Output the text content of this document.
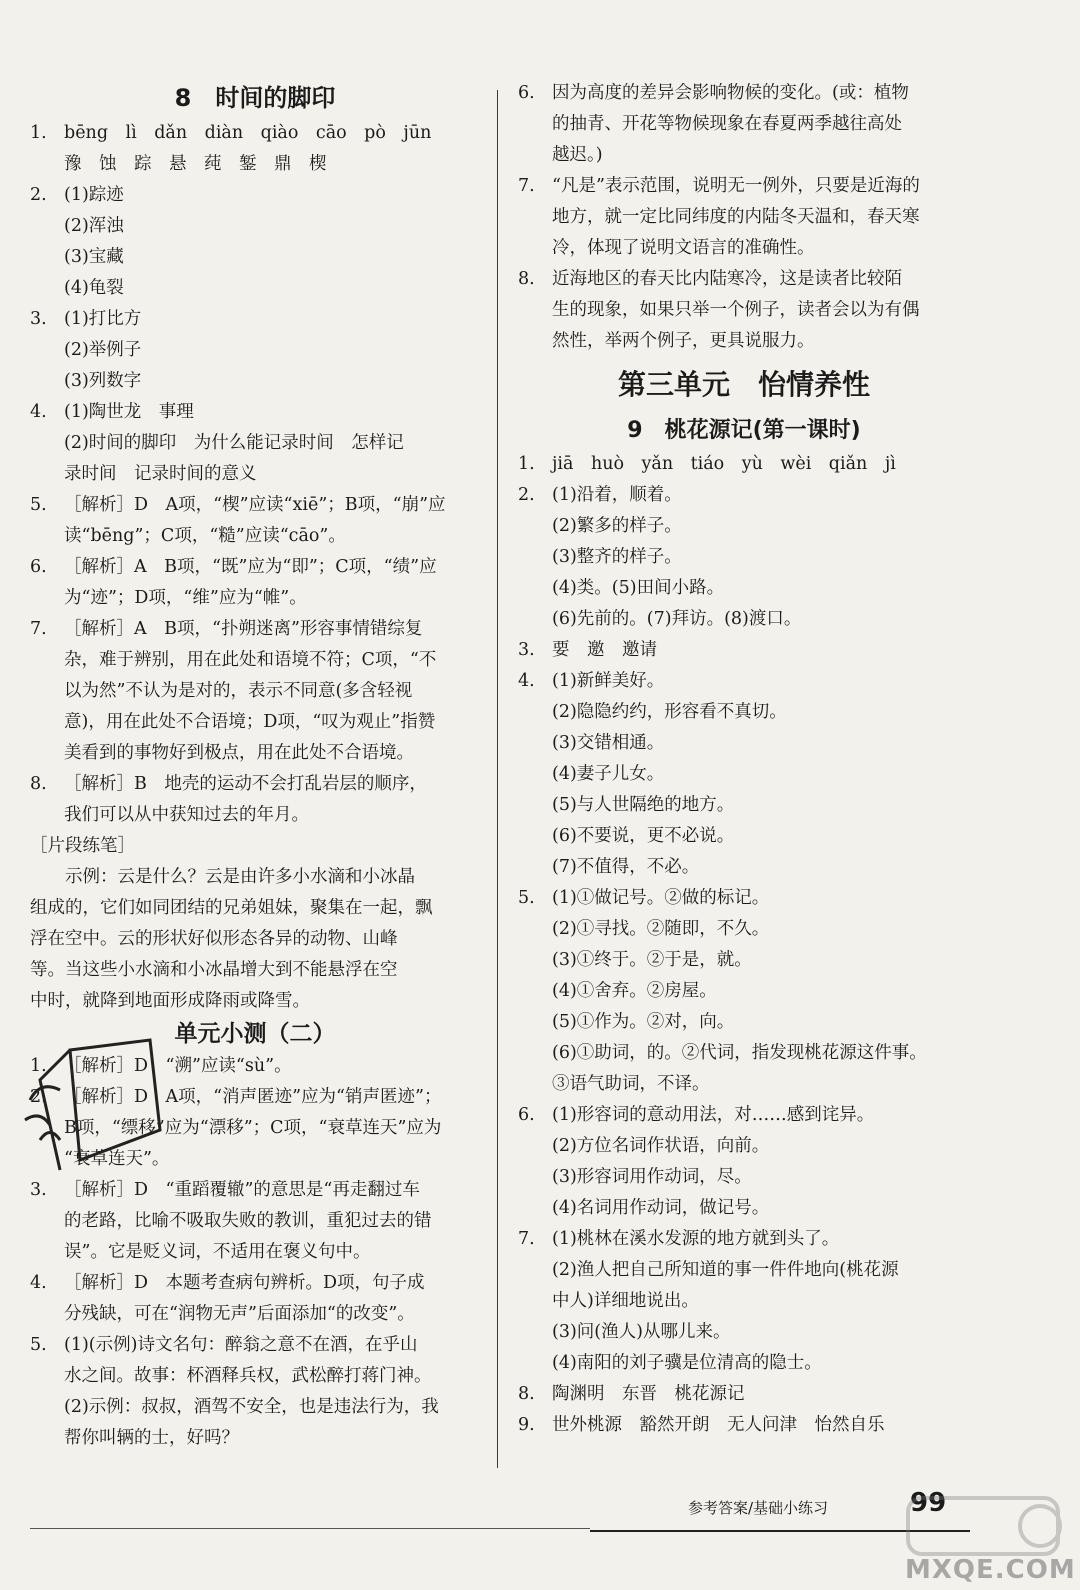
8　时间的脚印
1. bēng　lì　dǎn　diàn　qiào　cāo　pò　jūn
豫　蚀　踪　悬　莼　錾　鼎　楔
2. (1)踪迹
(2)浑浊
(3)宝藏
(4)龟裂
3. (1)打比方
(2)举例子
(3)列数字
4. (1)陶世龙　事理
(2)时间的脚印　为什么能记录时间　怎样记
录时间　记录时间的意义
5. ［解析］D　A项，“楔”应读“xiē”；B项，“崩”应
读“bēng”；C项，“糙”应读“cāo”。
6. ［解析］A　B项，“既”应为“即”；C项，“绩”应
为“迹”；D项，“维”应为“帷”。
7. ［解析］A　B项，“扑朔迷离”形容事情错综复
杂，难于辨别，用在此处和语境不符；C项，“不
以为然”不认为是对的，表示不同意(多含轻视
意)，用在此处不合语境；D项，“叹为观止”指赞
美看到的事物好到极点，用在此处不合语境。
8. ［解析］B　地壳的运动不会打乱岩层的顺序，
我们可以从中获知过去的年月。
［片段练笔］
　　示例：云是什么？云是由许多小水滴和小冰晶
组成的，它们如同团结的兄弟姐妹，聚集在一起，飘
浮在空中。云的形状好似形态各异的动物、山峰
等。当这些小水滴和小冰晶增大到不能悬浮在空
中时，就降到地面形成降雨或降雪。
单元小测（二）
1. ［解析］D　“溯”应读“sù”。
2. ［解析］D　A项，“消声匿迹”应为“销声匿迹”；
B项，“缥移”应为“漂移”；C项，“衰草连天”应为
“衰草连天”。
3. ［解析］D　“重蹈覆辙”的意思是“再走翻过车
的老路，比喻不吸取失败的教训，重犯过去的错
误”。它是贬义词，不适用在褒义句中。
4. ［解析］D　本题考查病句辨析。D项，句子成
分残缺，可在“润物无声”后面添加“的改变”。
5. (1)(示例)诗文名句：醉翁之意不在酒，在乎山
水之间。故事：杯酒释兵权，武松醉打蒋门神。
(2)示例：叔叔，酒驾不安全，也是违法行为，我
帮你叫辆的士，好吗？
6. 因为高度的差异会影响物候的变化。(或：植物
的抽青、开花等物候现象在春夏两季越往高处
越迟。)
7. “凡是”表示范围，说明无一例外，只要是近海的
地方，就一定比同纬度的内陆冬天温和，春天寒
冷，体现了说明文语言的准确性。
8. 近海地区的春天比内陆寒冷，这是读者比较陌
生的现象，如果只举一个例子，读者会以为有偶
然性，举两个例子，更具说服力。
第三单元　怡情养性
9　桃花源记(第一课时)
1. jiā　huò　yǎn　tiáo　yù　wèi　qiǎn　jì
2. (1)沿着，顺着。
(2)繁多的样子。
(3)整齐的样子。
(4)类。(5)田间小路。
(6)先前的。(7)拜访。(8)渡口。
3. 要　邀　邀请
4. (1)新鲜美好。
(2)隐隐约约，形容看不真切。
(3)交错相通。
(4)妻子儿女。
(5)与人世隔绝的地方。
(6)不要说，更不必说。
(7)不值得，不必。
5. (1)①做记号。②做的标记。
(2)①寻找。②随即，不久。
(3)①终于。②于是，就。
(4)①舍弃。②房屋。
(5)①作为。②对，向。
(6)①助词，的。②代词，指发现桃花源这件事。
③语气助词，不译。
6. (1)形容词的意动用法，对……感到诧异。
(2)方位名词作状语，向前。
(3)形容词用作动词，尽。
(4)名词用作动词，做记号。
7. (1)桃林在溪水发源的地方就到头了。
(2)渔人把自己所知道的事一件件地向(桃花源
中人)详细地说出。
(3)问(渔人)从哪儿来。
(4)南阳的刘子骥是位清高的隐士。
8. 陶渊明　东晋　桃花源记
9. 世外桃源　豁然开朗　无人问津　怡然自乐
参考答案/基础小练习	99
MXQE.COM
